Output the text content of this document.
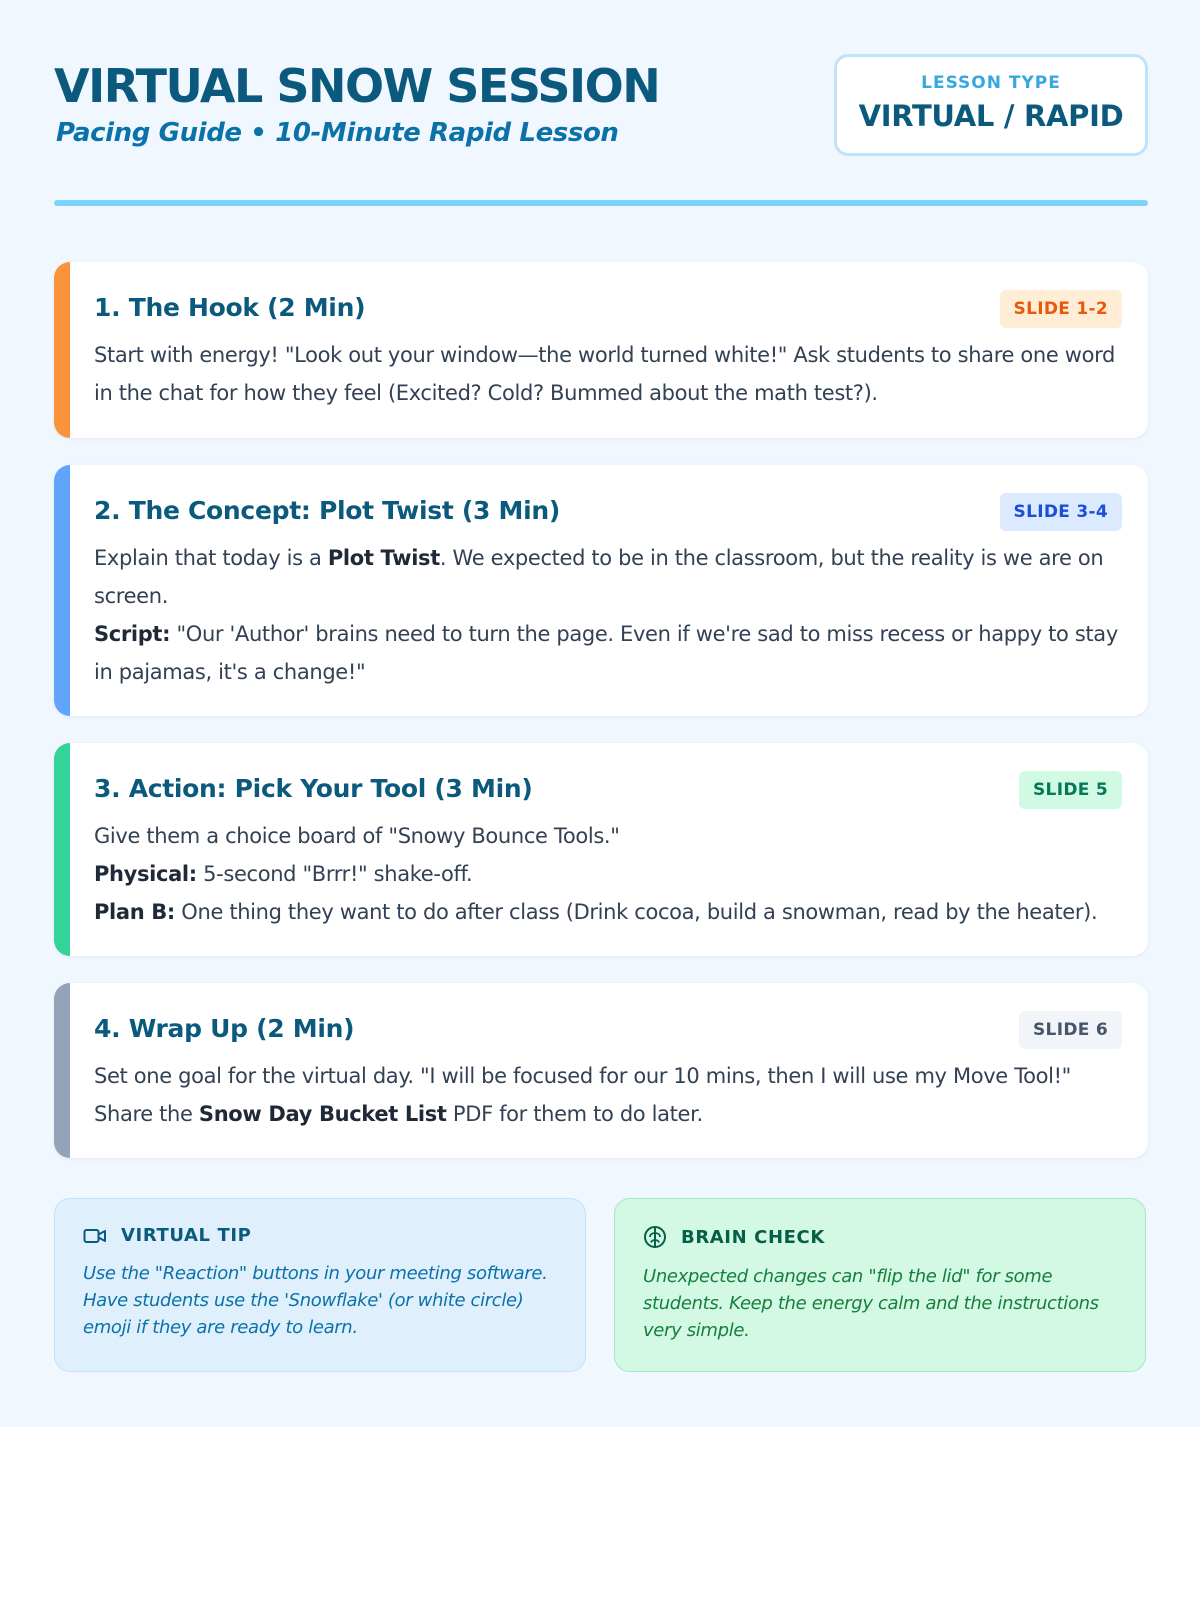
VIRTUAL SNOW SESSION
Pacing Guide • 10-Minute Rapid Lesson
LESSON TYPE
VIRTUAL / RAPID
SLIDE 1-2
1. The Hook (2 Min)

Start with energy! "Look out your window—the world turned white!" Ask students to share one word in the chat for how they feel (Excited? Cold? Bummed about the math test?).

SLIDE 3-4
2. The Concept: Plot Twist (3 Min)

Explain that today is a Plot Twist. We expected to be in the classroom, but the reality is we are on screen.

Script: "Our 'Author' brains need to turn the page. Even if we're sad to miss recess or happy to stay in pajamas, it's a change!"

SLIDE 5
3. Action: Pick Your Tool (3 Min)

Give them a choice board of "Snowy Bounce Tools."

Physical: 5-second "Brrr!" shake-off.

Plan B: One thing they want to do after class (Drink cocoa, build a snowman, read by the heater).

SLIDE 6
4. Wrap Up (2 Min)

Set one goal for the virtual day. "I will be focused for our 10 mins, then I will use my Move Tool!"

Share the Snow Day Bucket List PDF for them to do later.

VIRTUAL TIP
Use the "Reaction" buttons in your meeting software. Have students use the 'Snowflake' (or white circle) emoji if they are ready to learn.
BRAIN CHECK
Unexpected changes can "flip the lid" for some students. Keep the energy calm and the instructions very simple.
